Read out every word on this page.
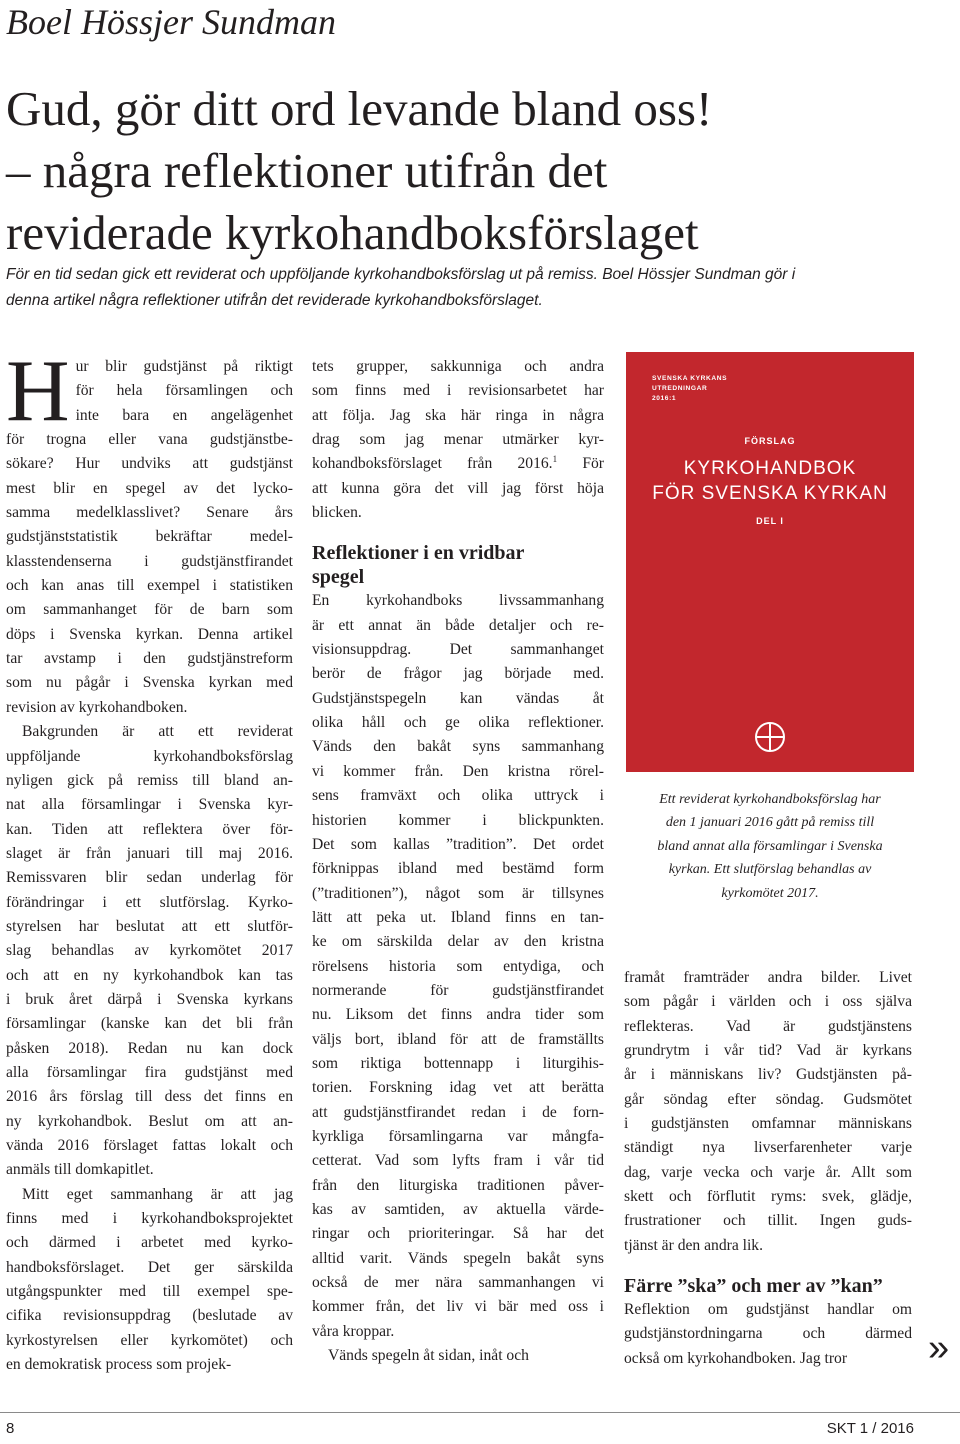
Boel Hössjer Sundman
Gud, gör ditt ord levande bland oss!
– några reflektioner utifrån det
reviderade kyrkohandboksförslaget
För en tid sedan gick ett reviderat och uppföljande kyrkohandboksförslag ut på remiss. Boel Hössjer Sundman gör i
denna artikel några reflektioner utifrån det reviderade kyrkohandboksförslaget.
H ur blir gudstjänst på riktigt
för hela församlingen och
inte bara en angelägenhet
för trogna eller vana gudstjänstbe-
sökare? Hur undviks att gudstjänst
mest blir en spegel av det lycko-
samma medelklasslivet? Senare års
gudstjänststatistik bekräftar medel-
klasstendenserna i gudstjänstfirandet
och kan anas till exempel i statistiken
om sammanhanget för de barn som
döps i Svenska kyrkan. Denna artikel
tar avstamp i den gudstjänstreform
som nu pågår i Svenska kyrkan med
revision av kyrkohandboken.
Bakgrunden är att ett reviderat
uppföljande kyrkohandboksförslag
nyligen gick på remiss till bland an-
nat alla församlingar i Svenska kyr-
kan. Tiden att reflektera över för-
slaget är från januari till maj 2016.
Remissvaren blir sedan underlag för
förändringar i ett slutförslag. Kyrko-
styrelsen har beslutat att ett slutför-
slag behandlas av kyrkomötet 2017
och att en ny kyrkohandbok kan tas
i bruk året därpå i Svenska kyrkans
församlingar (kanske kan det bli från
påsken 2018). Redan nu kan dock
alla församlingar fira gudstjänst med
2016 års förslag till dess det finns en
ny kyrkohandbok. Beslut om att an-
vända 2016 förslaget fattas lokalt och
anmäls till domkapitlet.
Mitt eget sammanhang är att jag
finns med i kyrkohandboksprojektet
och därmed i arbetet med kyrko-
handboksförslaget. Det ger särskilda
utgångspunkter med till exempel spe-
cifika revisionsuppdrag (beslutade av
kyrkostyrelsen eller kyrkomötet) och
en demokratisk process som projek-
tets grupper, sakkunniga och andra
som finns med i revisionsarbetet har
att följa. Jag ska här ringa in några
drag som jag menar utmärker kyr-
kohandboksförslaget från 2016.$^1$ För
att kunna göra det vill jag först höja
blicken.
Reflektioner i en vridbar
spegel
En kyrkohandboks livssammanhang
är ett annat än både detaljer och re-
visionsuppdrag. Det sammanhanget
berör de frågor jag började med.
Gudstjänstspegeln kan vändas åt
olika håll och ge olika reflektioner.
Vänds den bakåt syns sammanhang
vi kommer från. Den kristna rörel-
sens framväxt och olika uttryck i
historien kommer i blickpunkten.
Det som kallas ”tradition”. Det ordet
förknippas ibland med bestämd form
(”traditionen”), något som är tillsynes
lätt att peka ut. Ibland finns en tan-
ke om särskilda delar av den kristna
rörelsens historia som entydiga, och
normerande för gudstjänstfirandet
nu. Liksom det finns andra tider som
väljs bort, ibland för att de framställts
som riktiga bottennapp i liturgihis-
torien. Forskning idag vet att berätta
att gudstjänstfirandet redan i de forn-
kyrkliga församlingarna var mångfa-
cetterat. Vad som lyfts fram i vår tid
från den liturgiska traditionen påver-
kas av samtiden, av aktuella värde-
ringar och prioriteringar. Så har det
alltid varit. Vänds spegeln bakåt syns
också de mer nära sammanhangen vi
kommer från, det liv vi bär med oss i
våra kroppar.
Vänds spegeln åt sidan, inåt och
SVENSKA KYRKANS
UTREDNINGAR
2016:1
FÖRSLAG
KYRKOHANDBOK
FÖR SVENSKA KYRKAN
DEL I
Ett reviderat kyrkohandboksförslag har
den 1 januari 2016 gått på remiss till
bland annat alla församlingar i Svenska
kyrkan. Ett slutförslag behandlas av
kyrkomötet 2017.
framåt framträder andra bilder. Livet
som pågår i världen och i oss själva
reflekteras. Vad är gudstjänstens
grundrytm i vår tid? Vad är kyrkans
år i människans liv? Gudstjänsten på-
går söndag efter söndag. Gudsmötet
i gudstjänsten omfamnar människans
ständigt nya livserfarenheter varje
dag, varje vecka och varje år. Allt som
skett och förflutit ryms: svek, glädje,
frustrationer och tillit. Ingen guds-
tjänst är den andra lik.
Färre ”ska” och mer av ”kan”
Reflektion om gudstjänst handlar om
gudstjänstordningarna och därmed
också om kyrkohandboken. Jag tror	»
8	SKT 1 / 2016
